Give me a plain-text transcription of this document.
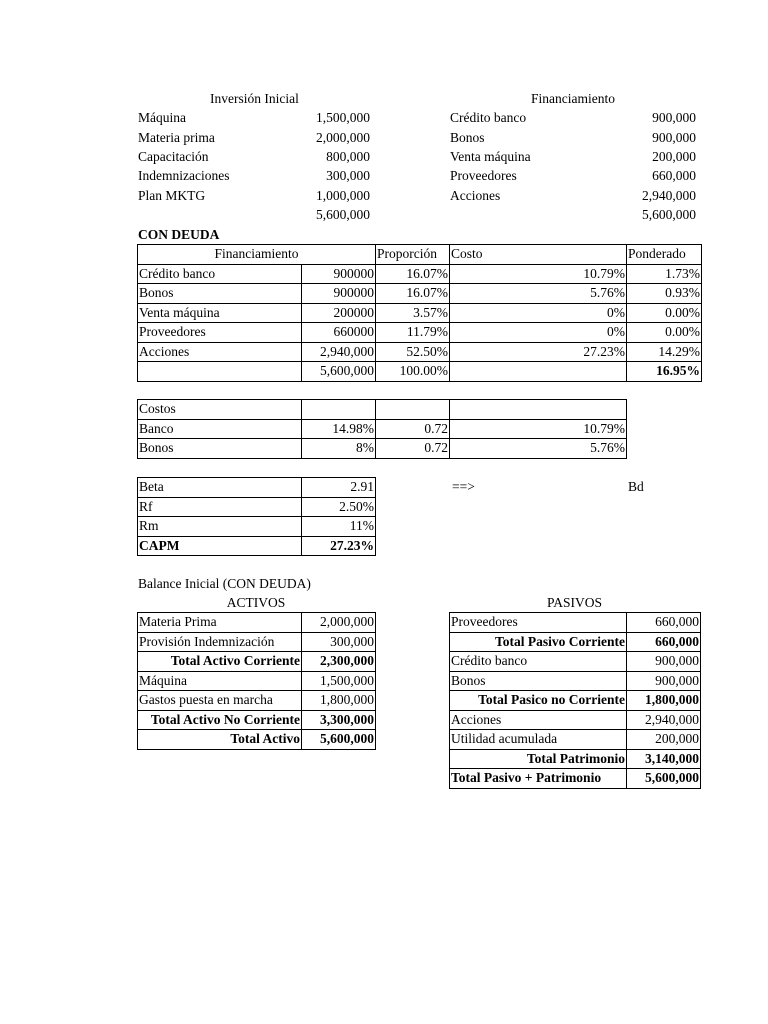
Inversión Inicial	Financiamiento
Máquina	1,500,000
Materia prima	2,000,000
Capacitación	800,000
Indemnizaciones	300,000
Plan MKTG	1,000,000
5,600,000
Crédito banco	900,000
Bonos	900,000
Venta máquina	200,000
Proveedores	660,000
Acciones	2,940,000
5,600,000
CON DEUDA
Financiamiento		Proporción	Costo	Ponderado
Crédito banco	900000	16.07%	10.79%	1.73%
Bonos	900000	16.07%	5.76%	0.93%
Venta máquina	200000	3.57%	0%	0.00%
Proveedores	660000	11.79%	0%	0.00%
Acciones	2,940,000	52.50%	27.23%	14.29%
	5,600,000	100.00%		16.95%
Costos			
Banco	14.98%	0.72	10.79%
Bonos	8%	0.72	5.76%
Beta	2.91
Rf	2.50%
Rm	11%
CAPM	27.23%
==>	Bd
Balance Inicial (CON DEUDA)
ACTIVOS	PASIVOS
Materia Prima	2,000,000
Provisión Indemnización	300,000
Total Activo Corriente	2,300,000
Máquina	1,500,000
Gastos puesta en marcha	1,800,000
Total Activo No Corriente	3,300,000
Total Activo	5,600,000
Proveedores	660,000
Total Pasivo Corriente	660,000
Crédito banco	900,000
Bonos	900,000
Total Pasico no Corriente	1,800,000
Acciones	2,940,000
Utilidad acumulada	200,000
Total Patrimonio	3,140,000
Total Pasivo + Patrimonio	5,600,000
